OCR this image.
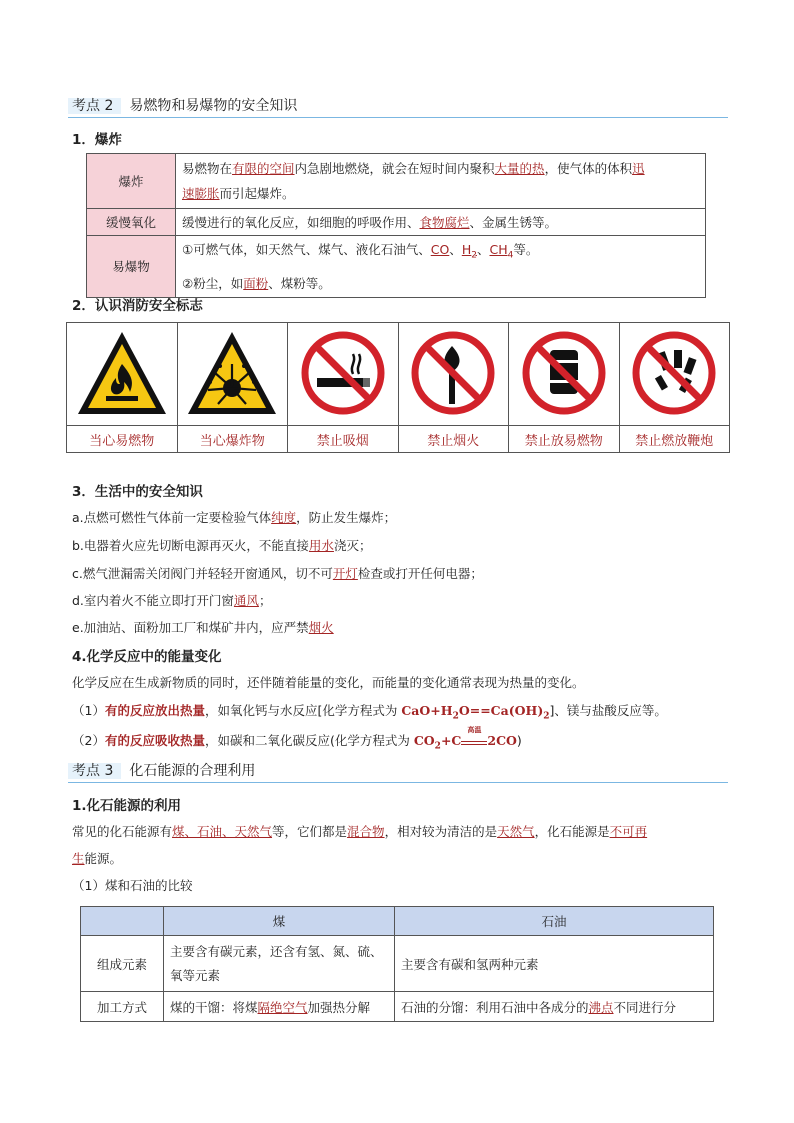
考点 2 易燃物和易爆物的安全知识
1．爆炸
爆炸	易燃物在有限的空间内急剧地燃烧，就会在短时间内聚积大量的热，使气体的体积迅
速膨胀而引起爆炸。
缓慢氧化	缓慢进行的氧化反应，如细胞的呼吸作用、食物腐烂、金属生锈等。
易爆物	①可燃气体，如天然气、煤气、液化石油气、CO、$H_2$、$CH_4$等。
②粉尘，如面粉、煤粉等。
2．认识消防安全标志

当心易燃物	当心爆炸物	禁止吸烟	禁止烟火	禁止放易燃物	禁止燃放鞭炮
3．生活中的安全知识
a.点燃可燃性气体前一定要检验气体纯度，防止发生爆炸；
b.电器着火应先切断电源再灭火，不能直接用水浇灭；
c.燃气泄漏需关闭阀门并轻轻开窗通风，切不可开灯检查或打开任何电器；
d.室内着火不能立即打开门窗通风；
e.加油站、面粉加工厂和煤矿井内，应严禁烟火
4.化学反应中的能量变化
化学反应在生成新物质的同时，还伴随着能量的变化，而能量的变化通常表现为热量的变化。
（1）有的反应放出热量，如氧化钙与水反应[化学方程式为 $CaO+H_2O==Ca(OH)_2$]、镁与盐酸反应等。
（2）有的反应吸收热量，如碳和二氧化碳反应(化学方程式为 $CO_2+C$
高温
2CO)
考点 3 化石能源的合理利用
1.化石能源的利用
常见的化石能源有煤、石油、天然气等，它们都是混合物，相对较为清洁的是天然气，化石能源是不可再
生能源。
（1）煤和石油的比较
	煤	石油
组成元素	主要含有碳元素，还含有氢、氮、硫、
氧等元素	主要含有碳和氢两种元素
加工方式	煤的干馏：将煤隔绝空气加强热分解	石油的分馏：利用石油中各成分的沸点不同进行分
